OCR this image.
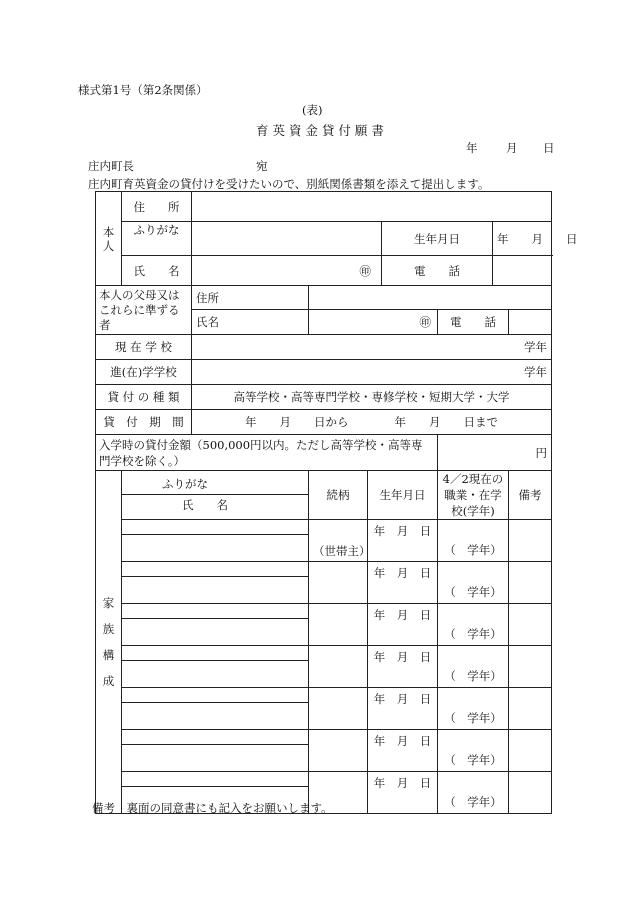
様式第1号（第2条関係）
(表)
育 英 資 金 貸 付 願 書
年 月 日
庄内町長	宛
庄内町育英資金の貸付けを受けたいので、別紙関係書類を添えて提出します。
本人	住　　所							
	ふりがな				生年月日		年　　月　　日	
	氏　　名	㊞			電　　話			
本人の父母又はこれらに準ずる者		住所						

		氏名	㊞			電　　話		
現 在 学 校		学年						
進(在)学学校		学年						
貸 付 の 種 類		高等学校・高等専門学校・専修学校・短期大学・大学						
貸　付　期　間		年　　月　　日から　　　　年　　月　　日まで						
入学時の貸付金額（500,000円以内。ただし高等学校・高等専門学校を除く。）						円		

家族構成	ふりがな
氏　　名		続柄	生年月日		4／2現在の職業・在学校(学年)		備考

			（世帯主）	年　月　日		（　学年）		

				年　月　日		（　学年）		

				年　月　日		（　学年）		

				年　月　日		（　学年）		

				年　月　日		（　学年）		

				年　月　日		（　学年）		

				年　月　日		（　学年）		
備考　裏面の同意書にも記入をお願いします。
